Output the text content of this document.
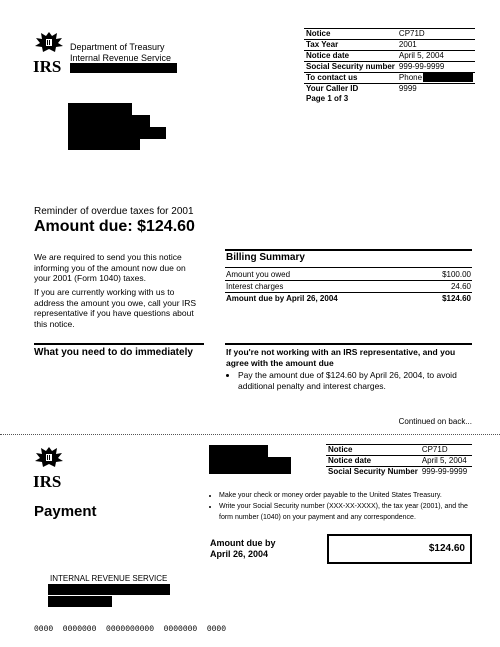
IRS
Department of Treasury
Internal Revenue Service
Notice	CP71D
Tax Year	2001
Notice date	April 5, 2004
Social Security number	999-99-9999
To contact us	Phone
Your Caller ID	9999
Page 1 of 3
Reminder of overdue taxes for 2001
Amount due: $124.60
We are required to send you this notice informing you of the amount now due on your 2001 (Form 1040) taxes.
If you are currently working with us to address the amount you owe, call your IRS representative if you have questions about this notice.
Billing Summary
Amount you owed	$100.00
Interest charges	24.60
Amount due by April 26, 2004	$124.60
What you need to do immediately	If you're not working with an IRS representative, and you agree with the amount due
• Pay the amount due of $124.60 by April 26, 2004, to avoid additional penalty and interest charges.
Continued on back...
IRS
Payment
Notice	CP71D
Notice date	April 5, 2004
Social Security Number	999-99-9999
• Make your check or money order payable to the United States Treasury.
• Write your Social Security number (XXX-XX-XXXX), the tax year (2001), and the form number (1040) on your payment and any correspondence.
Amount due by
April 26, 2004	$124.60
INTERNAL REVENUE SERVICE
0000  0000000  0000000000  0000000  0000
